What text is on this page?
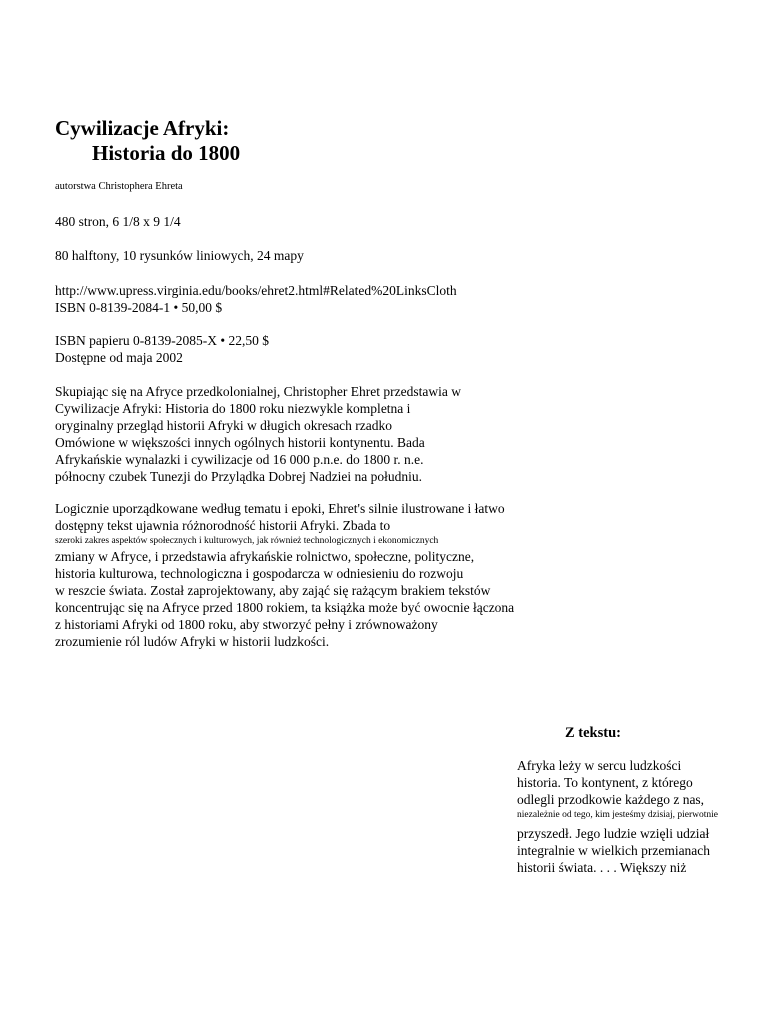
Cywilizacje Afryki:
Historia do 1800
autorstwa Christophera Ehreta
480 stron, 6 1/8 x 9 1/4
80 halftony, 10 rysunków liniowych, 24 mapy
http://www.upress.virginia.edu/books/ehret2.html#Related%20LinksCloth
ISBN 0-8139-2084-1 • 50,00 $
ISBN papieru 0-8139-2085-X • 22,50 $
Dostępne od maja 2002
Skupiając się na Afryce przedkolonialnej, Christopher Ehret przedstawia w
Cywilizacje Afryki: Historia do 1800 roku niezwykle kompletna i
oryginalny przegląd historii Afryki w długich okresach rzadko
Omówione w większości innych ogólnych historii kontynentu. Bada
Afrykańskie wynalazki i cywilizacje od 16 000 p.n.e. do 1800 r. n.e.
północny czubek Tunezji do Przylądka Dobrej Nadziei na południu.
Logicznie uporządkowane według tematu i epoki, Ehret's silnie ilustrowane i łatwo
dostępny tekst ujawnia różnorodność historii Afryki. Zbada to
szeroki zakres aspektów społecznych i kulturowych, jak również technologicznych i ekonomicznych
zmiany w Afryce, i przedstawia afrykańskie rolnictwo, społeczne, polityczne,
historia kulturowa, technologiczna i gospodarcza w odniesieniu do rozwoju
w reszcie świata. Został zaprojektowany, aby zająć się rażącym brakiem tekstów
koncentrując się na Afryce przed 1800 rokiem, ta książka może być owocnie łączona
z historiami Afryki od 1800 roku, aby stworzyć pełny i zrównoważony
zrozumienie ról ludów Afryki w historii ludzkości.
Z tekstu:
Afryka leży w sercu ludzkości
historia. To kontynent, z którego
odlegli przodkowie każdego z nas,
niezależnie od tego, kim jesteśmy dzisiaj, pierwotnie
przyszedł. Jego ludzie wzięli udział
integralnie w wielkich przemianach
historii świata. . . . Większy niż
